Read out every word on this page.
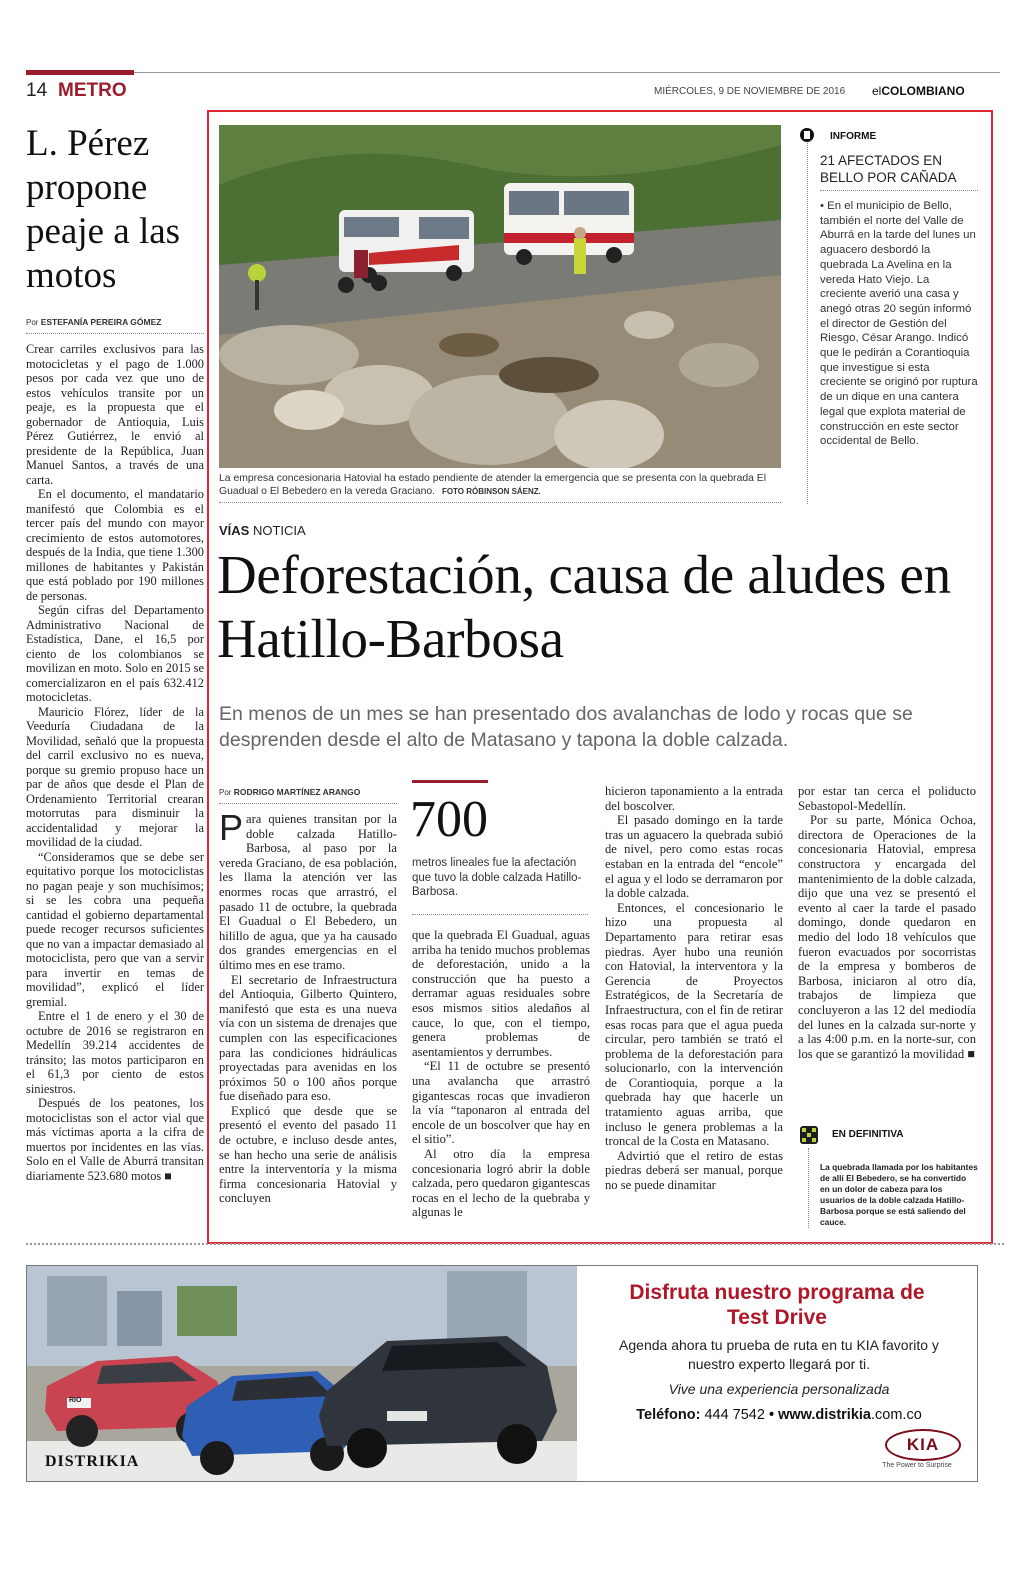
14 METRO	MIÉRCOLES, 9 DE NOVIEMBRE DE 2016 elCOLOMBIANO
L. Pérez propone peaje a las motos
Por ESTEFANÍA PEREIRA GÓMEZ

Crear carriles exclusivos para las motocicletas y el pago de 1.000 pesos por cada vez que uno de estos vehículos transite por un peaje, es la propuesta que el gobernador de Antioquia, Luis Pérez Gutiérrez, le envió al presidente de la República, Juan Manuel Santos, a través de una carta.

En el documento, el mandatario manifestó que Colombia es el tercer país del mundo con mayor crecimiento de estos automotores, después de la India, que tiene 1.300 millones de habitantes y Pakistán que está poblado por 190 millones de personas.

Según cifras del Departamento Administrativo Nacional de Estadística, Dane, el 16,5 por ciento de los colombianos se movilizan en moto. Solo en 2015 se comercializaron en el país 632.412 motocicletas.

Mauricio Flórez, líder de la Veeduría Ciudadana de la Movilidad, señaló que la propuesta del carril exclusivo no es nueva, porque su gremio propuso hace un par de años que desde el Plan de Ordenamiento Territorial crearan motorrutas para disminuir la accidentalidad y mejorar la movilidad de la ciudad.

“Consideramos que se debe ser equitativo porque los motociclistas no pagan peaje y son muchísimos; si se les cobra una pequeña cantidad el gobierno departamental puede recoger recursos suficientes que no van a impactar demasiado al motociclista, pero que van a servir para invertir en temas de movilidad”, explicó el líder gremial.

Entre el 1 de enero y el 30 de octubre de 2016 se registraron en Medellín 39.214 accidentes de tránsito; las motos participaron en el 61,3 por ciento de estos siniestros.

Después de los peatones, los motociclistas son el actor vial que más víctimas aporta a la cifra de muertos por incidentes en las vías. Solo en el Valle de Aburrá transitan diariamente 523.680 motos ■

La empresa concesionaria Hatovial ha estado pendiente de atender la emergencia que se presenta con la quebrada El Guadual o El Bebedero en la vereda Graciano. FOTO RÓBINSON SÁENZ.
INFORME
21 AFECTADOS EN BELLO POR CAÑADA
• En el municipio de Bello, también el norte del Valle de Aburrá en la tarde del lunes un aguacero desbordó la quebrada La Avelina en la vereda Hato Viejo. La creciente averió una casa y anegó otras 20 según informó el director de Gestión del Riesgo, César Arango. Indicó que le pedirán a Corantioquia que investigue si esta creciente se originó por ruptura de un dique en una cantera legal que explota material de construcción en este sector occidental de Bello.
VÍAS NOTICIA
Deforestación, causa de aludes en Hatillo-Barbosa
En menos de un mes se han presentado dos avalanchas de lodo y rocas que se desprenden desde el alto de Matasano y tapona la doble calzada.
Por RODRIGO MARTÍNEZ ARANGO
P ara quienes transitan por la doble calzada Hatillo-Barbosa, al paso por la vereda Graciano, de esa población, les llama la atención ver las enormes rocas que arrastró, el pasado 11 de octubre, la quebrada El Guadual o El Bebedero, un hilillo de agua, que ya ha causado dos grandes emergencias en el último mes en ese tramo.

El secretario de Infraestructura del Antioquia, Gilberto Quintero, manifestó que esta es una nueva vía con un sistema de drenajes que cumplen con las especificaciones para las condiciones hidráulicas proyectadas para avenidas en los próximos 50 o 100 años porque fue diseñado para eso.

Explicó que desde que se presentó el evento del pasado 11 de octubre, e incluso desde antes, se han hecho una serie de análisis entre la interventoría y la misma firma concesionaria Hatovial y concluyen

700
metros lineales fue la afectación que tuvo la doble calzada Hatillo-Barbosa.

que la quebrada El Guadual, aguas arriba ha tenido muchos problemas de deforestación, unido a la construcción que ha puesto a derramar aguas residuales sobre esos mismos sitios aledaños al cauce, lo que, con el tiempo, genera problemas de asentamientos y derrumbes.

“El 11 de octubre se presentó una avalancha que arrastró gigantescas rocas que invadieron la vía “taponaron al entrada del encole de un boscolver que hay en el sitio”.

Al otro día la empresa concesionaria logró abrir la doble calzada, pero quedaron gigantescas rocas en el lecho de la quebraba y algunas le

hicieron taponamiento a la entrada del boscolver.

El pasado domingo en la tarde tras un aguacero la quebrada subió de nivel, pero como estas rocas estaban en la entrada del “encole” el agua y el lodo se derramaron por la doble calzada.

Entonces, el concesionario le hizo una propuesta al Departamento para retirar esas piedras. Ayer hubo una reunión con Hatovial, la interventora y la Gerencia de Proyectos Estratégicos, de la Secretaría de Infraestructura, con el fin de retirar esas rocas para que el agua pueda circular, pero también se trató el problema de la deforestación para solucionarlo, con la intervención de Corantioquia, porque a la quebrada hay que hacerle un tratamiento aguas arriba, que incluso le genera problemas a la troncal de la Costa en Matasano.

Advirtió que el retiro de estas piedras deberá ser manual, porque no se puede dinamitar

por estar tan cerca el poliducto Sebastopol-Medellín.

Por su parte, Mónica Ochoa, directora de Operaciones de la concesionaria Hatovial, empresa constructora y encargada del mantenimiento de la doble calzada, dijo que una vez se presentó el evento al caer la tarde el pasado domingo, donde quedaron en medio del lodo 18 vehículos que fueron evacuados por socorristas de la empresa y bomberos de Barbosa, iniciaron al otro día, trabajos de limpieza que concluyeron a las 12 del mediodía del lunes en la calzada sur-norte y a las 4:00 p.m. en la norte-sur, con los que se garantizó la movilidad ■

EN DEFINITIVA
La quebrada llamada por los habitantes de allí El Bebedero, se ha convertido en un dolor de cabeza para los usuarios de la doble calzada Hatillo-Barbosa porque se está saliendo del cauce.
RIO
DISTRIKIA
Disfruta nuestro programa de Test Drive
Agenda ahora tu prueba de ruta en tu KIA favorito y nuestro experto llegará por ti.
Vive una experiencia personalizada
Teléfono: 444 7542 • www.distrikia.com.co
KIA
The Power to Surprise
